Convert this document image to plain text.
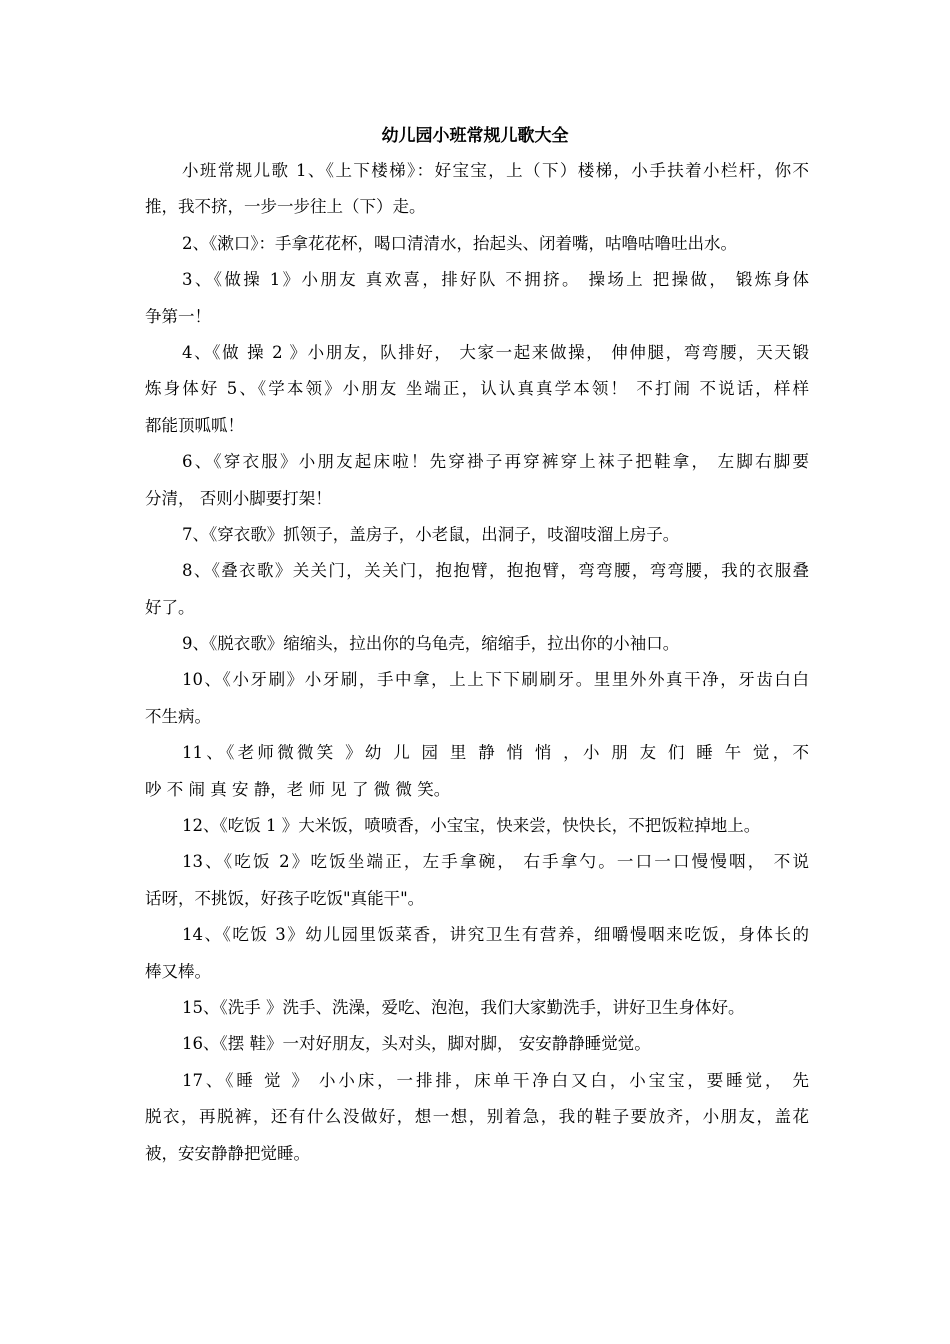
幼儿园小班常规儿歌大全
小班常规儿歌 1、《上下楼梯》：好宝宝，上（下）楼梯，小手扶着小栏杆，你不
推，我不挤，一步一步往上（下）走。
2、《漱口》：手拿花花杯，喝口清清水，抬起头、闭着嘴，咕噜咕噜吐出水。
3、《做操 1》小朋友 真欢喜，排好队 不拥挤。 操场上 把操做， 锻炼身体
争第一！
4、《做 操 2 》小朋友，队排好， 大家一起来做操， 伸伸腿，弯弯腰，天天锻
炼身体好 5、《学本领》小朋友 坐端正，认认真真学本领！ 不打闹 不说话，样样
都能顶呱呱！
6、《穿衣服》小朋友起床啦！先穿褂子再穿裤穿上袜子把鞋拿， 左脚右脚要
分清， 否则小脚要打架！
7、《穿衣歌》抓领子，盖房子，小老鼠，出洞子，吱溜吱溜上房子。
8、《叠衣歌》关关门，关关门，抱抱臂，抱抱臂，弯弯腰，弯弯腰，我的衣服叠
好了。
9、《脱衣歌》缩缩头，拉出你的乌龟壳，缩缩手，拉出你的小袖口。
10、《小牙刷》小牙刷，手中拿，上上下下刷刷牙。里里外外真干净，牙齿白白
不生病。
11、《老师微微笑 》幼 儿 园 里 静 悄 悄 ，小 朋 友 们 睡 午 觉，不
吵 不 闹 真 安 静，老 师 见 了 微 微 笑。
12、《吃饭 1 》大米饭，喷喷香，小宝宝，快来尝，快快长，不把饭粒掉地上。
13、《吃饭 2》吃饭坐端正，左手拿碗， 右手拿勺。一口一口慢慢咽， 不说
话呀，不挑饭，好孩子吃饭"真能干"。
14、《吃饭 3》幼儿园里饭菜香，讲究卫生有营养，细嚼慢咽来吃饭，身体长的
棒又棒。
15、《洗手 》洗手、洗澡，爱吃、泡泡，我们大家勤洗手，讲好卫生身体好。
16、《摆 鞋》一对好朋友，头对头，脚对脚， 安安静静睡觉觉。
17、《睡 觉 》 小小床，一排排，床单干净白又白，小宝宝，要睡觉， 先
脱衣，再脱裤，还有什么没做好，想一想，别着急，我的鞋子要放齐，小朋友，盖花
被，安安静静把觉睡。
